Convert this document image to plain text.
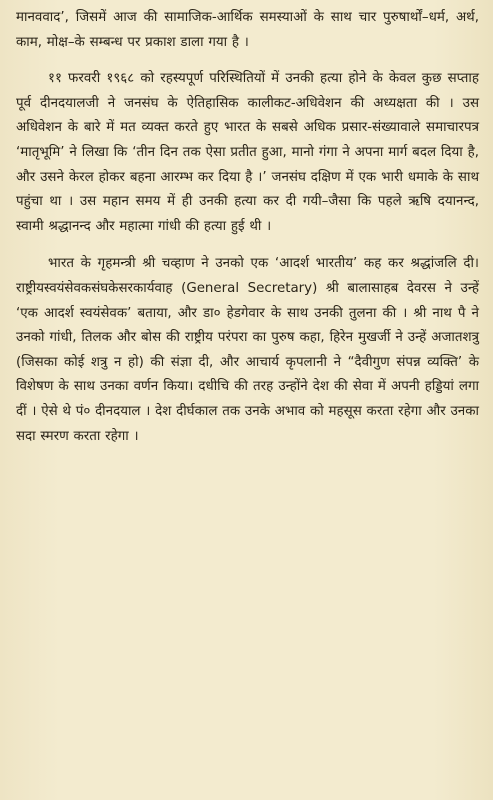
मानववाद’, जिसमें आज की सामाजिक-आर्थिक समस्याओं के साथ चार पुरुषार्थों–धर्म, अर्थ, काम, मोक्ष–के सम्बन्ध पर प्रकाश डाला गया है ।

११ फरवरी १९६८ को रहस्यपूर्ण परिस्थितियों में उनकी हत्या होने के केवल कुछ सप्ताह पूर्व दीनदयालजी ने जनसंघ के ऐतिहासिक कालीकट-अधिवेशन की अध्यक्षता की । उस अधिवेशन के बारे में मत व्यक्त करते हुए भारत के सबसे अधिक प्रसार-संख्यावाले समाचारपत्र ‘मातृभूमि’ ने लिखा कि ‘तीन दिन तक ऐसा प्रतीत हुआ, मानो गंगा ने अपना मार्ग बदल दिया है, और उसने केरल होकर बहना आरम्भ कर दिया है ।’ जनसंघ दक्षिण में एक भारी धमाके के साथ पहुंचा था । उस महान समय में ही उनकी हत्या कर दी गयी–जैसा कि पहले ऋषि दयानन्द, स्वामी श्रद्धानन्द और महात्मा गांधी की हत्या हुई थी ।

भारत के गृहमन्त्री श्री चव्हाण ने उनको एक ‘आदर्श भारतीय’ कह कर श्रद्धांजलि दी। राष्ट्रीयस्वयंसेवकसंघकेसरकार्यवाह (General Secretary) श्री बालासाहब देवरस ने उन्हें ‘एक आदर्श स्वयंसेवक’ बताया, और डा० हेडगेवार के साथ उनकी तुलना की । श्री नाथ पै ने उनको गांधी, तिलक और बोस की राष्ट्रीय परंपरा का पुरुष कहा, हिरेन मुखर्जी ने उन्हें अजातशत्रु (जिसका कोई शत्रु न हो) की संज्ञा दी, और आचार्य कृपलानी ने “दैवीगुण संपन्न व्यक्ति’ के विशेषण के साथ उनका वर्णन किया। दधीचि की तरह उन्होंने देश की सेवा में अपनी हड्डियां लगा दीं । ऐसे थे पं० दीनदयाल । देश दीर्घकाल तक उनके अभाव को महसूस करता रहेगा और उनका सदा स्मरण करता रहेगा ।
